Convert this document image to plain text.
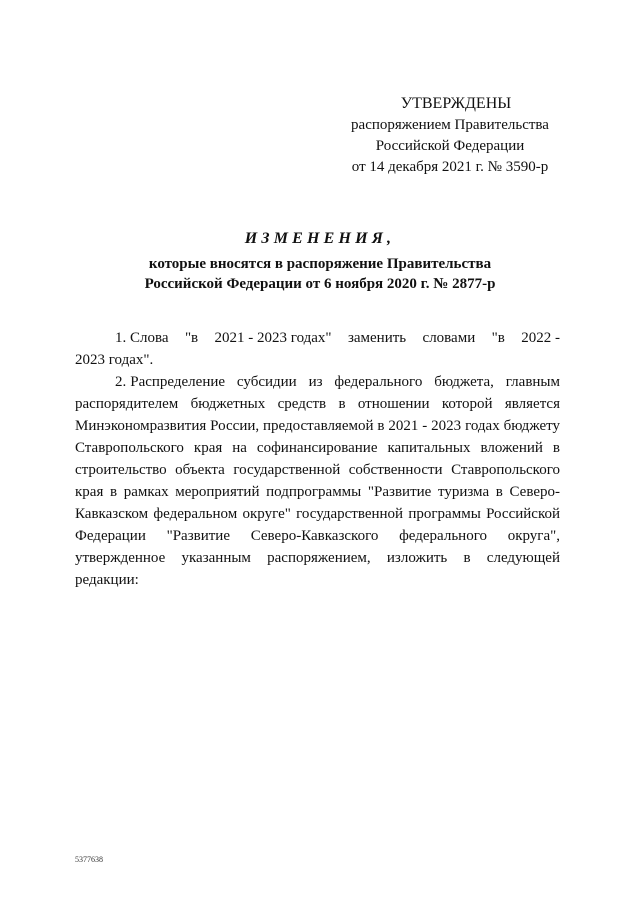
УТВЕРЖДЕНЫ
распоряжением Правительства
Российской Федерации
от 14 декабря 2021 г. № 3590-р
ИЗМЕНЕНИЯ,
которые вносятся в распоряжение Правительства
Российской Федерации от 6 ноября 2020 г. № 2877-р
1. Слова "в 2021 - 2023 годах" заменить словами "в 2022 -
2023 годах".

2. Распределение субсидии из федерального бюджета, главным распорядителем бюджетных средств в отношении которой является Минэкономразвития России, предоставляемой в 2021 - 2023 годах бюджету Ставропольского края на софинансирование капитальных вложений в строительство объекта государственной собственности Ставропольского края в рамках мероприятий подпрограммы "Развитие туризма в Северо-Кавказском федеральном округе" государственной программы Российской Федерации "Развитие Северо-Кавказского федерального округа", утвержденное указанным распоряжением, изложить в следующей редакции:

5377638
